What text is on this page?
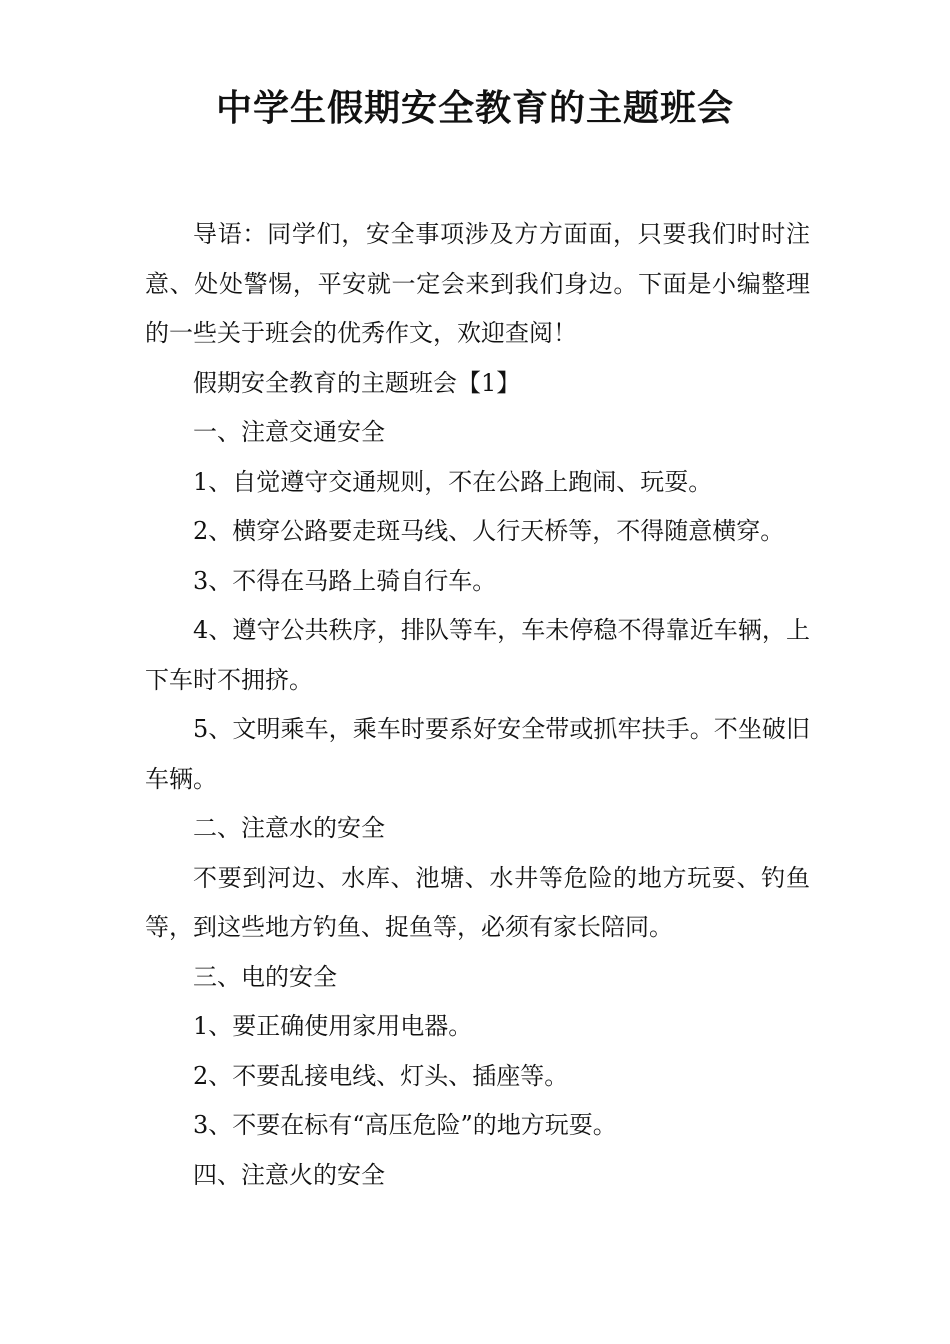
中学生假期安全教育的主题班会

导语：同学们，安全事项涉及方方面面，只要我们时时注意、处处警惕，平安就一定会来到我们身边。下面是小编整理的一些关于班会的优秀作文，欢迎查阅！

假期安全教育的主题班会【1】

一、注意交通安全

1、自觉遵守交通规则，不在公路上跑闹、玩耍。

2、横穿公路要走斑马线、人行天桥等，不得随意横穿。

3、不得在马路上骑自行车。

4、遵守公共秩序，排队等车，车未停稳不得靠近车辆，上下车时不拥挤。

5、文明乘车，乘车时要系好安全带或抓牢扶手。不坐破旧车辆。

二、注意水的安全

不要到河边、水库、池塘、水井等危险的地方玩耍、钓鱼等，到这些地方钓鱼、捉鱼等，必须有家长陪同。

三、电的安全

1、要正确使用家用电器。

2、不要乱接电线、灯头、插座等。

3、不要在标有“高压危险”的地方玩耍。

四、注意火的安全
